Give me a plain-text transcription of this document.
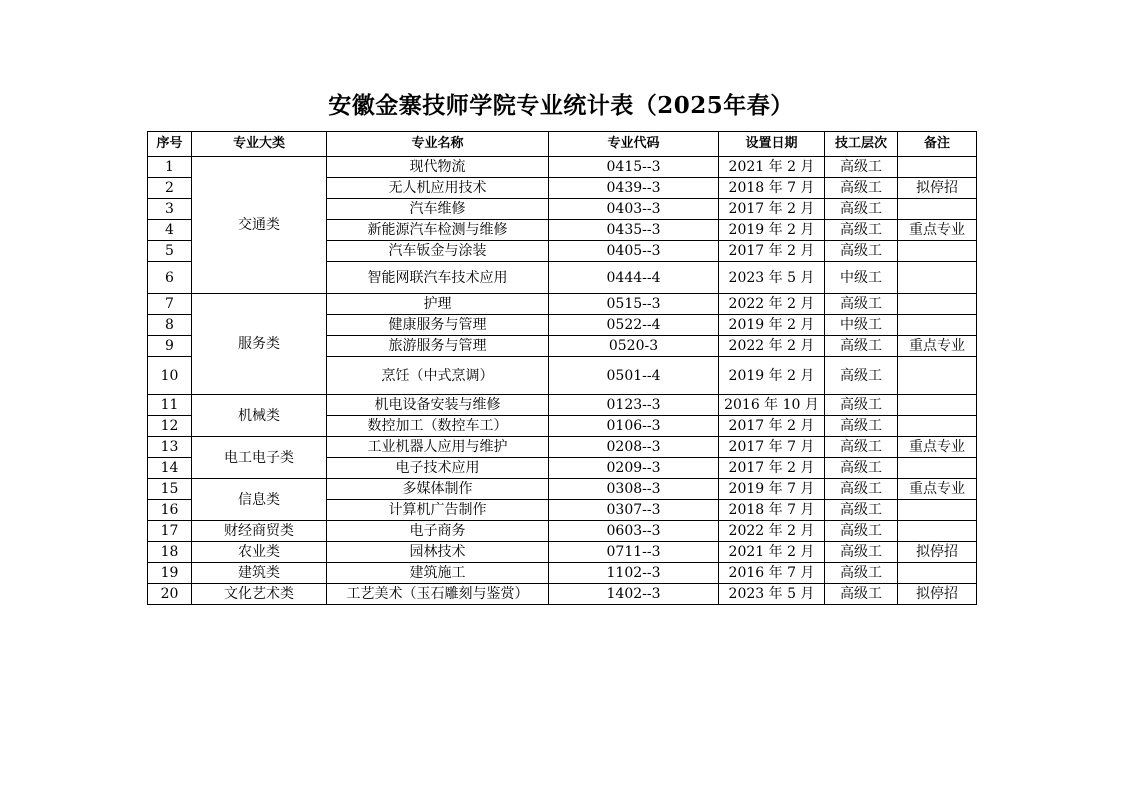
安徽金寨技师学院专业统计表（2025年春）
序号	专业大类	专业名称	专业代码	设置日期	技工层次	备注
1	交通类	现代物流	0415--3	2021 年 2 月	高级工	
2		无人机应用技术	0439--3	2018 年 7 月	高级工	拟停招
3		汽车维修	0403--3	2017 年 2 月	高级工	
4		新能源汽车检测与维修	0435--3	2019 年 2 月	高级工	重点专业
5		汽车钣金与涂装	0405--3	2017 年 2 月	高级工	
6		智能网联汽车技术应用	0444--4	2023 年 5 月	中级工	
7	服务类	护理	0515--3	2022 年 2 月	高级工	
8		健康服务与管理	0522--4	2019 年 2 月	中级工	
9		旅游服务与管理	0520-3	2022 年 2 月	高级工	重点专业
10		烹饪（中式烹调）	0501--4	2019 年 2 月	高级工	
11	机械类	机电设备安装与维修	0123--3	2016 年 10 月	高级工	
12		数控加工（数控车工）	0106--3	2017 年 2 月	高级工	
13	电工电子类	工业机器人应用与维护	0208--3	2017 年 7 月	高级工	重点专业
14		电子技术应用	0209--3	2017 年 2 月	高级工	
15	信息类	多媒体制作	0308--3	2019 年 7 月	高级工	重点专业
16		计算机广告制作	0307--3	2018 年 7 月	高级工	
17	财经商贸类	电子商务	0603--3	2022 年 2 月	高级工	
18	农业类	园林技术	0711--3	2021 年 2 月	高级工	拟停招
19	建筑类	建筑施工	1102--3	2016 年 7 月	高级工	
20	文化艺术类	工艺美术（玉石雕刻与鉴赏）	1402--3	2023 年 5 月	高级工	拟停招
